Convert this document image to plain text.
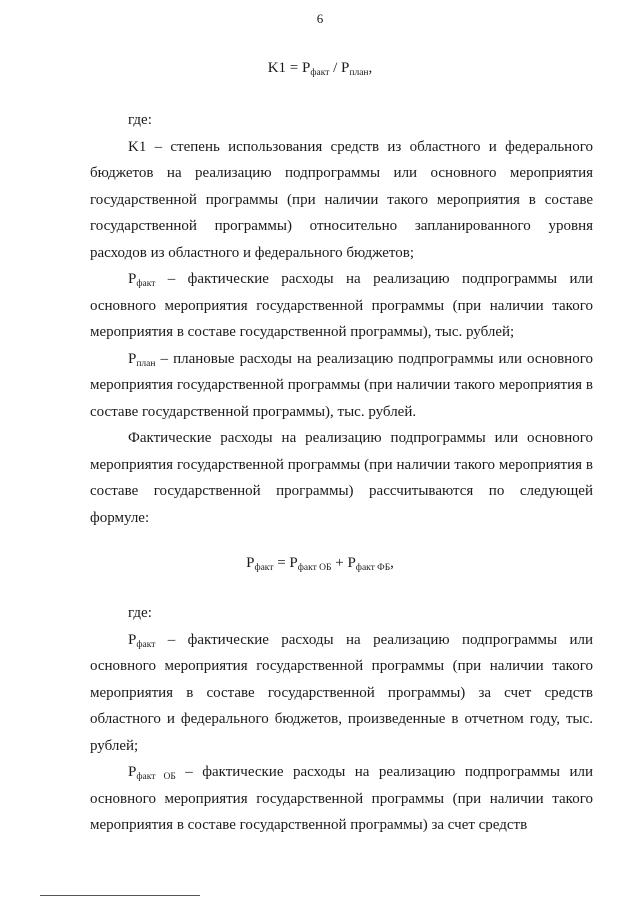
6
$K1 = P_{факт} / P_{план}$,

где:

K1 – степень использования средств из областного и федерального бюджетов на реализацию подпрограммы или основного мероприятия государственной программы (при наличии такого мероприятия в составе государственной программы) относительно запланированного уровня расходов из областного и федерального бюджетов;

$P_{факт}$ – фактические расходы на реализацию подпрограммы или основного мероприятия государственной программы (при наличии такого мероприятия в составе государственной программы), тыс. рублей;

$P_{план}$ – плановые расходы на реализацию подпрограммы или основного мероприятия государственной программы (при наличии такого мероприятия в составе государственной программы), тыс. рублей.

Фактические расходы на реализацию подпрограммы или основного мероприятия государственной программы (при наличии такого мероприятия в составе государственной программы) рассчитываются по следующей формуле:

$P_{факт} = P_{факт ОБ} + P_{факт ФБ}$,

где:

$P_{факт}$ – фактические расходы на реализацию подпрограммы или основного мероприятия государственной программы (при наличии такого мероприятия в составе государственной программы) за счет средств областного и федерального бюджетов, произведенные в отчетном году, тыс. рублей;

$P_{факт ОБ}$ – фактические расходы на реализацию подпрограммы или основного мероприятия государственной программы (при наличии такого мероприятия в составе государственной программы) за счет средств
